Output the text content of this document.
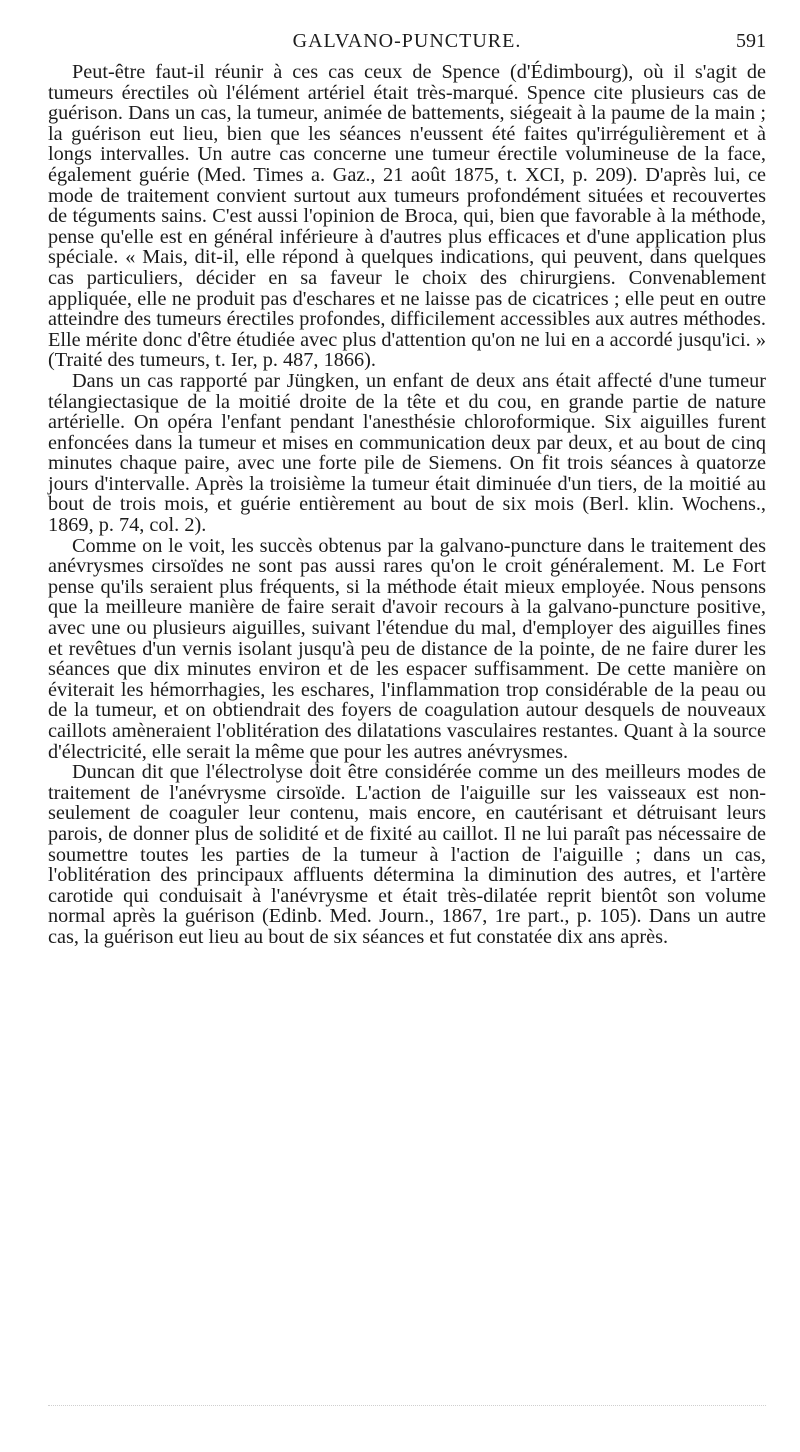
GALVANO-PUNCTURE.	591

Peut-être faut-il réunir à ces cas ceux de Spence (d'Édimbourg), où il s'agit de tumeurs érectiles où l'élément artériel était très-marqué. Spence cite plusieurs cas de guérison. Dans un cas, la tumeur, animée de battements, siégeait à la paume de la main ; la guérison eut lieu, bien que les séances n'eussent été faites qu'irrégulièrement et à longs intervalles. Un autre cas concerne une tumeur érectile volumineuse de la face, également guérie (Med. Times a. Gaz., 21 août 1875, t. XCI, p. 209). D'après lui, ce mode de traitement convient surtout aux tumeurs profondément situées et recouvertes de téguments sains. C'est aussi l'opinion de Broca, qui, bien que favorable à la méthode, pense qu'elle est en général inférieure à d'autres plus efficaces et d'une application plus spéciale. « Mais, dit-il, elle répond à quelques indications, qui peuvent, dans quelques cas particuliers, décider en sa faveur le choix des chirurgiens. Convenablement appliquée, elle ne produit pas d'eschares et ne laisse pas de cicatrices ; elle peut en outre atteindre des tumeurs érectiles profondes, difficilement accessibles aux autres méthodes. Elle mérite donc d'être étudiée avec plus d'attention qu'on ne lui en a accordé jusqu'ici. » (Traité des tumeurs, t. Ier, p. 487, 1866).

Dans un cas rapporté par Jüngken, un enfant de deux ans était affecté d'une tumeur télangiectasique de la moitié droite de la tête et du cou, en grande partie de nature artérielle. On opéra l'enfant pendant l'anesthésie chloroformique. Six aiguilles furent enfoncées dans la tumeur et mises en communication deux par deux, et au bout de cinq minutes chaque paire, avec une forte pile de Siemens. On fit trois séances à quatorze jours d'intervalle. Après la troisième la tumeur était diminuée d'un tiers, de la moitié au bout de trois mois, et guérie entièrement au bout de six mois (Berl. klin. Wochens., 1869, p. 74, col. 2).

Comme on le voit, les succès obtenus par la galvano-puncture dans le traitement des anévrysmes cirsoïdes ne sont pas aussi rares qu'on le croit généralement. M. Le Fort pense qu'ils seraient plus fréquents, si la méthode était mieux employée. Nous pensons que la meilleure manière de faire serait d'avoir recours à la galvano-puncture positive, avec une ou plusieurs aiguilles, suivant l'étendue du mal, d'employer des aiguilles fines et revêtues d'un vernis isolant jusqu'à peu de distance de la pointe, de ne faire durer les séances que dix minutes environ et de les espacer suffisamment. De cette manière on éviterait les hémorrhagies, les eschares, l'inflammation trop considérable de la peau ou de la tumeur, et on obtiendrait des foyers de coagulation autour desquels de nouveaux caillots amèneraient l'oblitération des dilatations vasculaires restantes. Quant à la source d'électricité, elle serait la même que pour les autres anévrysmes.

Duncan dit que l'électrolyse doit être considérée comme un des meilleurs modes de traitement de l'anévrysme cirsoïde. L'action de l'aiguille sur les vaisseaux est non-seulement de coaguler leur contenu, mais encore, en cautérisant et détruisant leurs parois, de donner plus de solidité et de fixité au caillot. Il ne lui paraît pas nécessaire de soumettre toutes les parties de la tumeur à l'action de l'aiguille ; dans un cas, l'oblitération des principaux affluents détermina la diminution des autres, et l'artère carotide qui conduisait à l'anévrysme et était très-dilatée reprit bientôt son volume normal après la guérison (Edinb. Med. Journ., 1867, 1re part., p. 105). Dans un autre cas, la guérison eut lieu au bout de six séances et fut constatée dix ans après.
